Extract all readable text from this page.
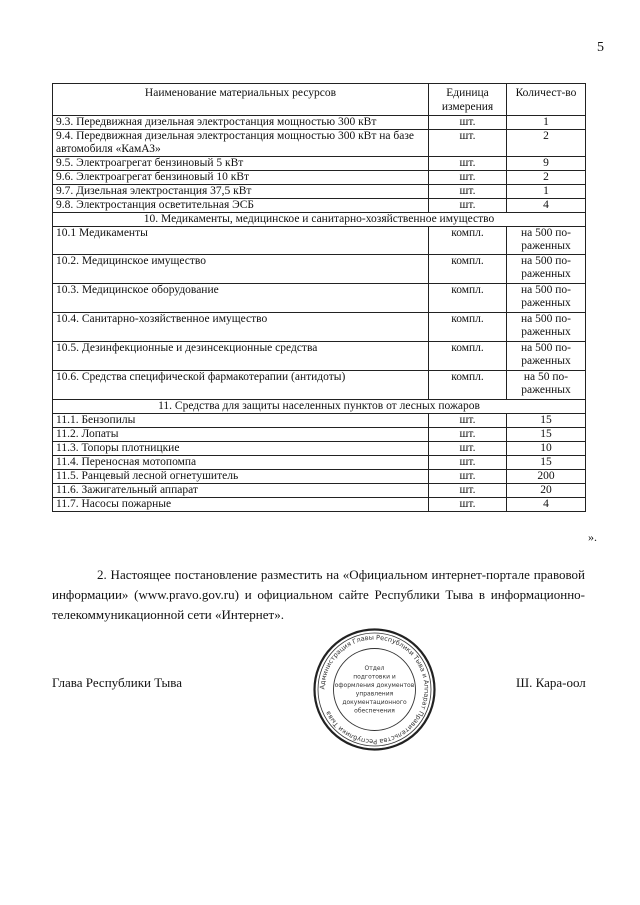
5
Наименование материальных ресурсов	Единица измерения	Количест-во
9.3. Передвижная дизельная электростанция мощностью 300 кВт	шт.	1
9.4. Передвижная дизельная электростанция мощностью 300 кВт на базе автомобиля «КамАЗ»	шт.	2
9.5. Электроагрегат бензиновый 5 кВт	шт.	9
9.6. Электроагрегат бензиновый 10 кВт	шт.	2
9.7. Дизельная электростанция 37,5 кВт	шт.	1
9.8. Электростанция осветительная ЭСБ	шт.	4
10. Медикаменты, медицинское и санитарно-хозяйственное имущество		
10.1 Медикаменты	компл.	на 500 по-раженных
10.2. Медицинское имущество	компл.	на 500 по-раженных
10.3. Медицинское оборудование	компл.	на 500 по-раженных
10.4. Санитарно-хозяйственное имущество	компл.	на 500 по-раженных
10.5. Дезинфекционные и дезинсекционные средства	компл.	на 500 по-раженных
10.6. Средства специфической фармакотерапии (антидоты)	компл.	на 50 по-раженных
11. Средства для защиты населенных пунктов от лесных пожаров		
11.1. Бензопилы	шт.	15
11.2. Лопаты	шт.	15
11.3. Топоры плотницкие	шт.	10
11.4. Переносная мотопомпа	шт.	15
11.5. Ранцевый лесной огнетушитель	шт.	200
11.6. Зажигательный аппарат	шт.	20
11.7. Насосы пожарные	шт.	4
».
2. Настоящее постановление разместить на «Официальном интернет-портале правовой информации» (www.pravo.gov.ru) и официальном сайте Республики Тыва в информационно-телекоммуникационной сети «Интернет».
Глава Республики Тыва	Ш. Кара-оол
Администрация Главы Республики Тыва и Аппарат Правительства Республики Тыва
Отдел
подготовки и
оформления документов
управления
документационного
обеспечения
